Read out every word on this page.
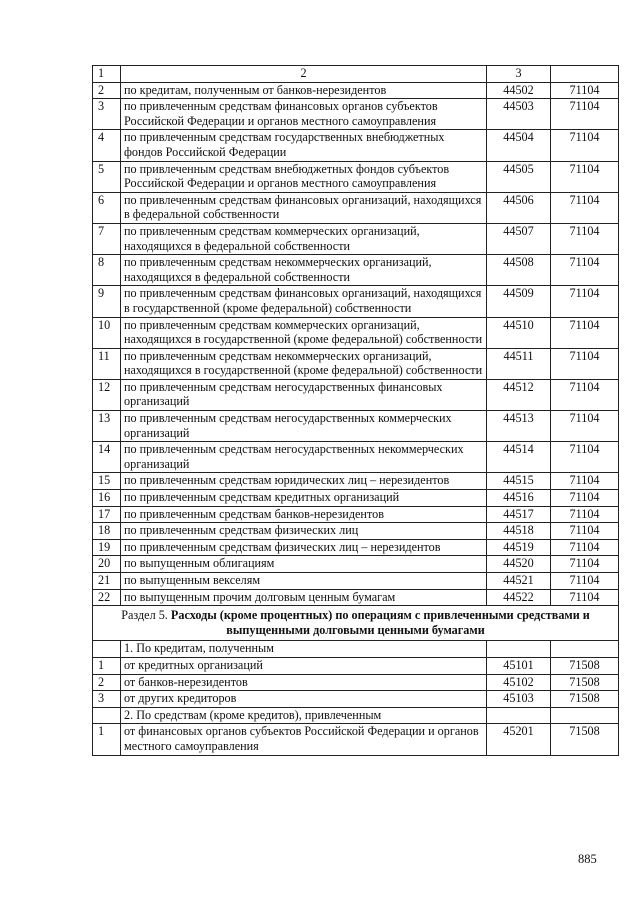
1	2	3	
2	по кредитам, полученным от банков-нерезидентов	44502	71104
3	по привлеченным средствам финансовых органов субъектов Российской Федерации и органов местного самоуправления	44503	71104
4	по привлеченным средствам государственных внебюджетных фондов Российской Федерации	44504	71104
5	по привлеченным средствам внебюджетных фондов субъектов Российской Федерации и органов местного самоуправления	44505	71104
6	по привлеченным средствам финансовых организаций, находящихся в федеральной собственности	44506	71104
7	по привлеченным средствам коммерческих организаций, находящихся в федеральной собственности	44507	71104
8	по привлеченным средствам некоммерческих организаций, находящихся в федеральной собственности	44508	71104
9	по привлеченным средствам финансовых организаций, находящихся в государственной (кроме федеральной) собственности	44509	71104
10	по привлеченным средствам коммерческих организаций, находящихся в государственной (кроме федеральной) собственности	44510	71104
11	по привлеченным средствам некоммерческих организаций, находящихся в государственной (кроме федеральной) собственности	44511	71104
12	по привлеченным средствам негосударственных финансовых организаций	44512	71104
13	по привлеченным средствам негосударственных коммерческих организаций	44513	71104
14	по привлеченным средствам негосударственных некоммерческих организаций	44514	71104
15	по привлеченным средствам юридических лиц – нерезидентов	44515	71104
16	по привлеченным средствам кредитных организаций	44516	71104
17	по привлеченным средствам банков-нерезидентов	44517	71104
18	по привлеченным средствам физических лиц	44518	71104
19	по привлеченным средствам физических лиц – нерезидентов	44519	71104
20	по выпущенным облигациям	44520	71104
21	по выпущенным векселям	44521	71104
22	по выпущенным прочим долговым ценным бумагам	44522	71104
Раздел 5. Расходы (кроме процентных) по операциям с привлеченными средствами и выпущенными долговыми ценными бумагами			
	1. По кредитам, полученным		
1	от кредитных организаций	45101	71508
2	от банков-нерезидентов	45102	71508
3	от других кредиторов	45103	71508
	2. По средствам (кроме кредитов), привлеченным		
1	от финансовых органов субъектов Российской Федерации и органов местного самоуправления	45201	71508
885
